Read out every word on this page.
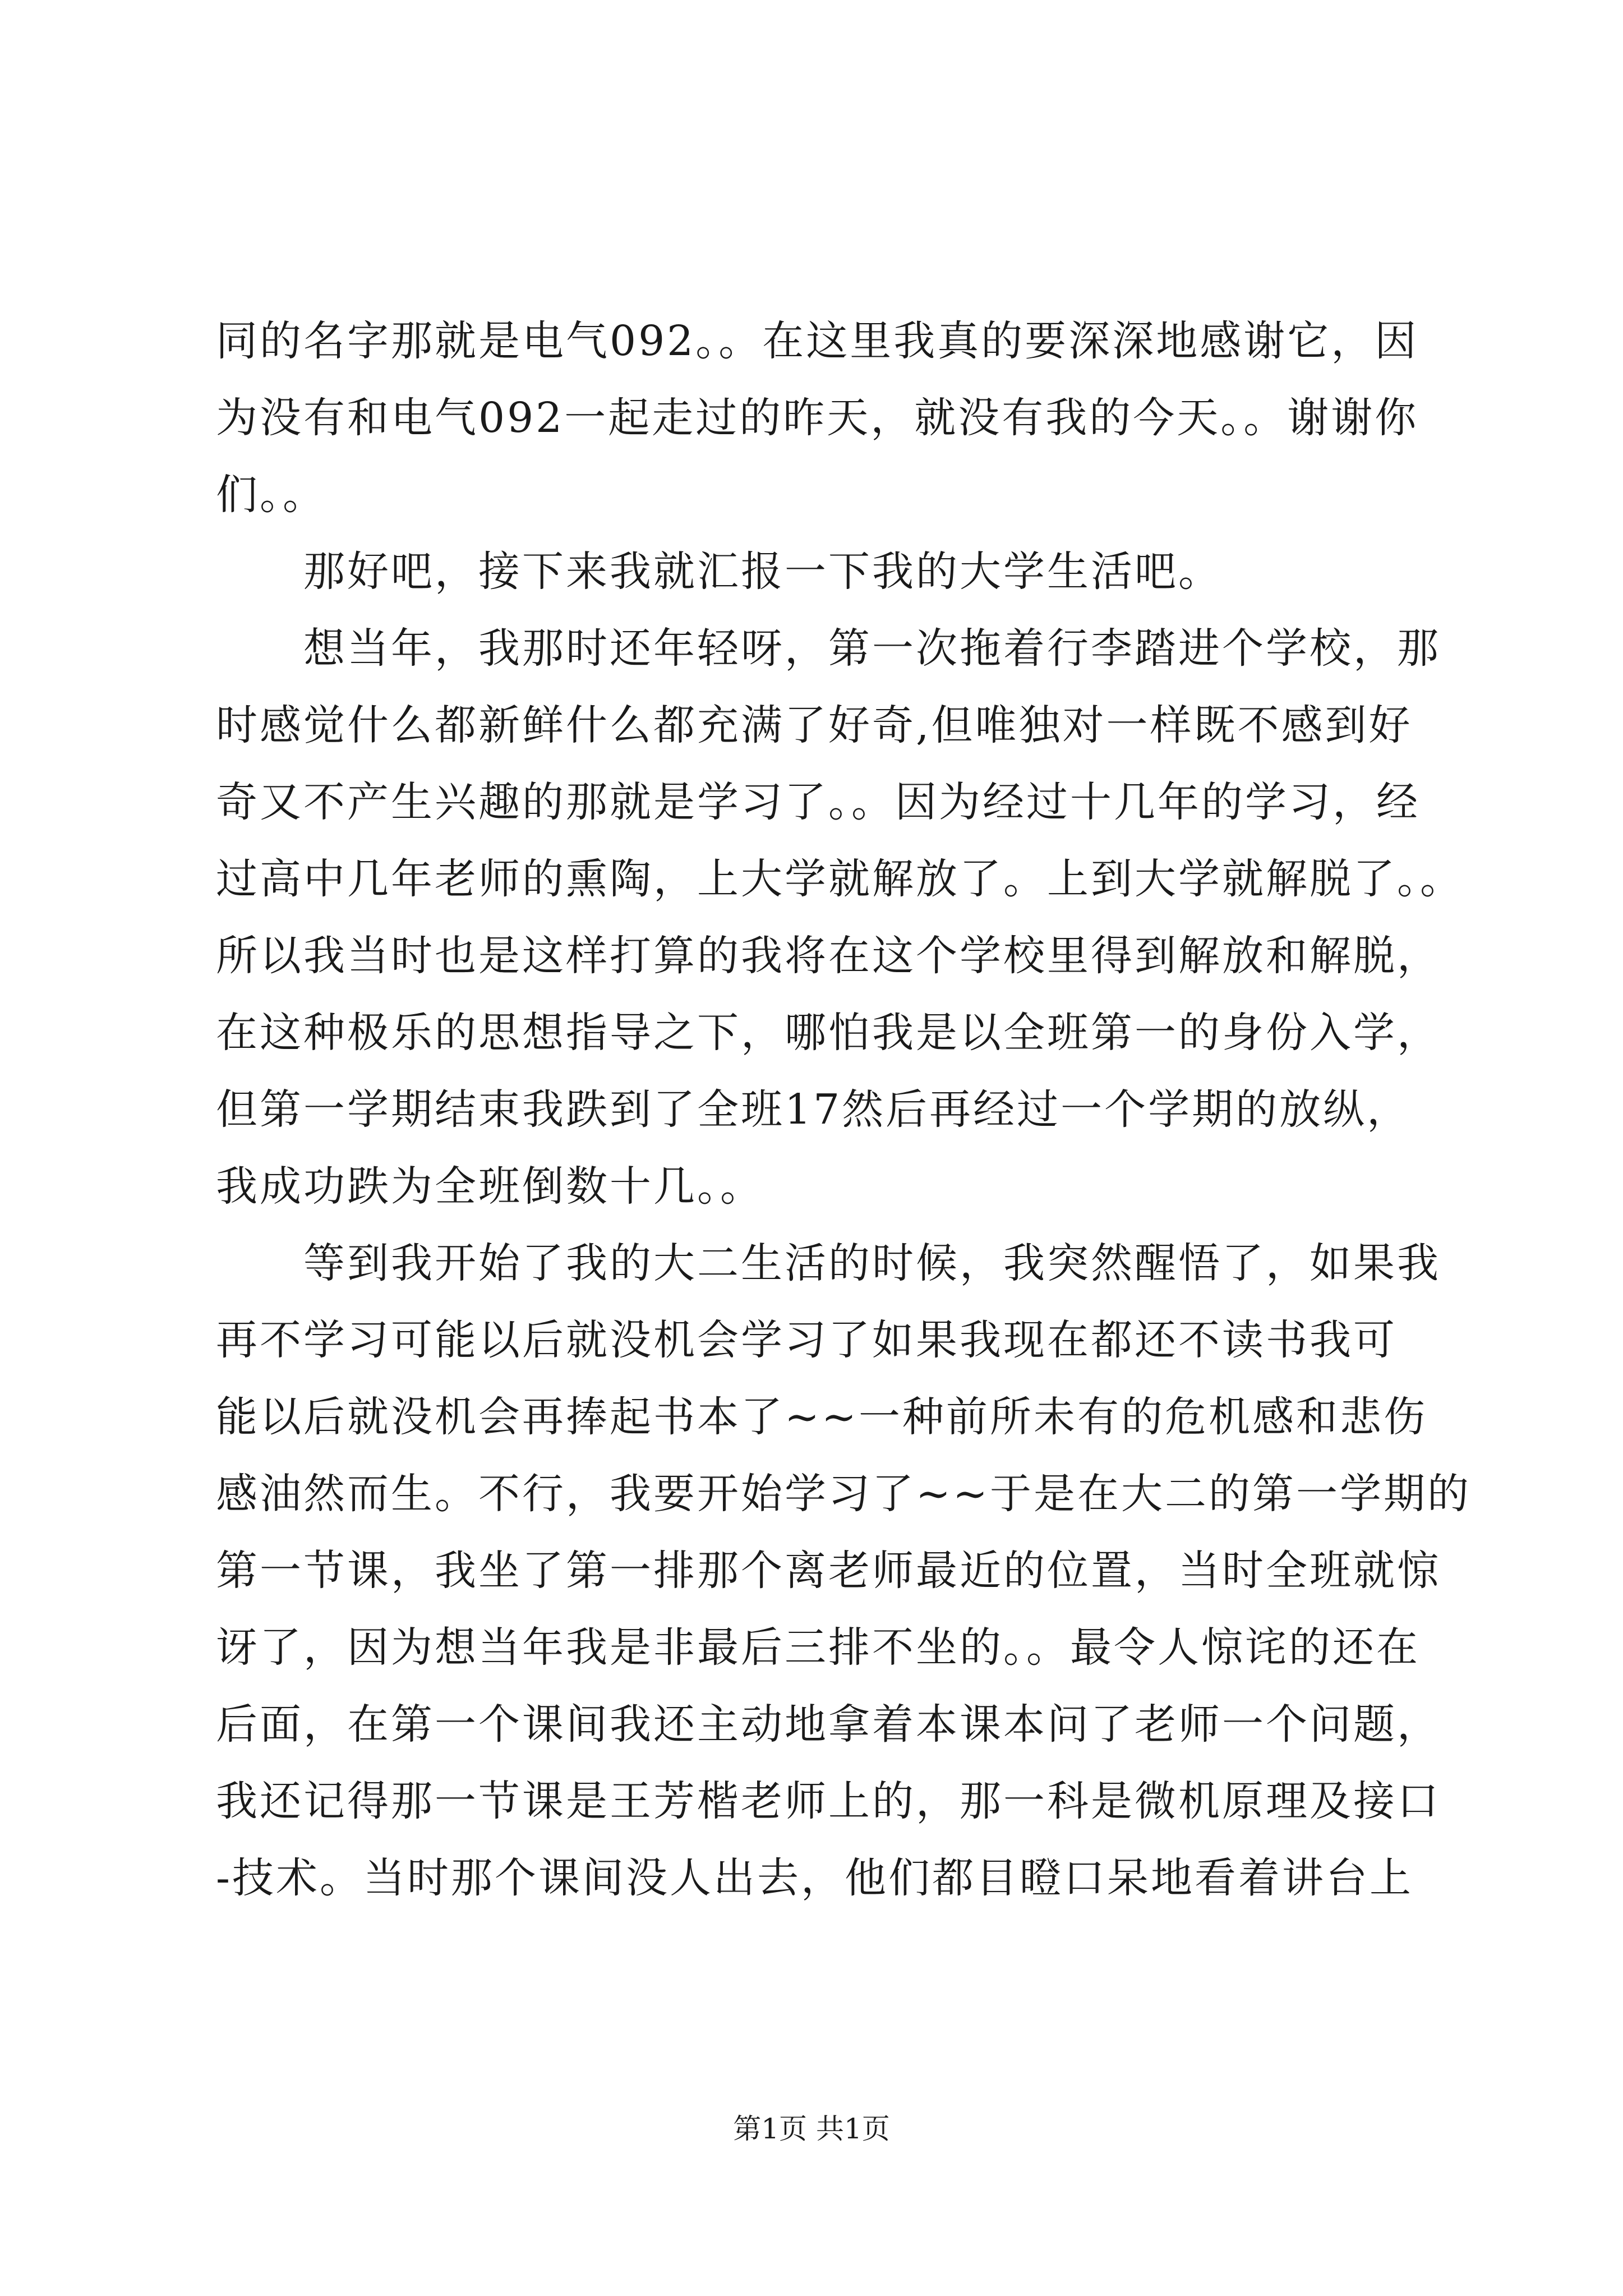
同的名字那就是电气092。。在这里我真的要深深地感谢它，因
为没有和电气092一起走过的昨天，就没有我的今天。。谢谢你
们。。
那好吧，接下来我就汇报一下我的大学生活吧。
想当年，我那时还年轻呀，第一次拖着行李踏进个学校，那
时感觉什么都新鲜什么都充满了好奇,但唯独对一样既不感到好
奇又不产生兴趣的那就是学习了。。因为经过十几年的学习，经
过高中几年老师的熏陶，上大学就解放了。上到大学就解脱了。。
所以我当时也是这样打算的我将在这个学校里得到解放和解脱，
在这种极乐的思想指导之下，哪怕我是以全班第一的身份入学，
但第一学期结束我跌到了全班17然后再经过一个学期的放纵，
我成功跌为全班倒数十几。。
等到我开始了我的大二生活的时候，我突然醒悟了，如果我
再不学习可能以后就没机会学习了如果我现在都还不读书我可
能以后就没机会再捧起书本了~~一种前所未有的危机感和悲伤
感油然而生。不行，我要开始学习了~~于是在大二的第一学期的
第一节课，我坐了第一排那个离老师最近的位置，当时全班就惊
讶了，因为想当年我是非最后三排不坐的。。最令人惊诧的还在
后面，在第一个课间我还主动地拿着本课本问了老师一个问题，
我还记得那一节课是王芳楷老师上的，那一科是微机原理及接口
-技术。当时那个课间没人出去，他们都目瞪口呆地看着讲台上
第1页 共1页
